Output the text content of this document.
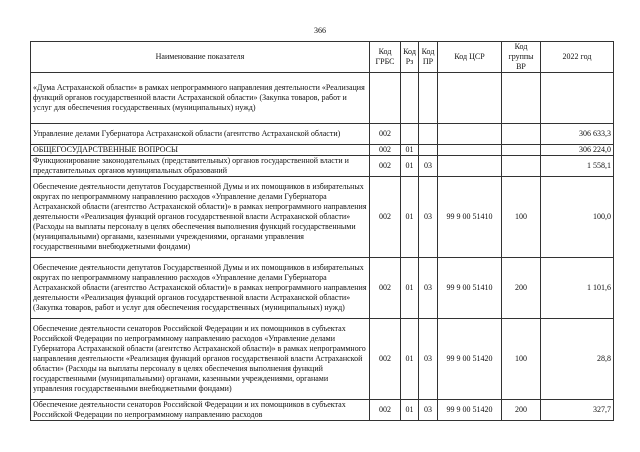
366
Наименование показателя	Код ГРБС	Код Рз	Код ПР	Код ЦСР	Код группы ВР	2022 год
«Дума Астраханской области» в рамках непрограммного направления деятельности «Реализация функций органов государственной власти Астраханской области» (Закупка товаров, работ и услуг для обеспечения государственных (муниципальных) нужд)						
Управление делами Губернатора Астраханской области (агентство Астраханской области)	002					306 633,3
ОБЩЕГОСУДАРСТВЕННЫЕ ВОПРОСЫ	002	01				306 224,0
Функционирование законодательных (представительных) органов государственной власти и представительных органов муниципальных образований	002	01	03			1 558,1
Обеспечение деятельности депутатов Государственной Думы и их помощников в избирательных округах по непрограммному направлению расходов «Управление делами Губернатора Астраханской области (агентство Астраханской области)» в рамках непрограммного направления деятельности «Реализация функций органов государственной власти Астраханской области» (Расходы на выплаты персоналу в целях обеспечения выполнения функций государственными (муниципальными) органами, казенными учреждениями, органами управления государственными внебюджетными фондами)	002	01	03	99 9 00 51410	100	100,0
Обеспечение деятельности депутатов Государственной Думы и их помощников в избирательных округах по непрограммному направлению расходов «Управление делами Губернатора Астраханской области (агентство Астраханской области)» в рамках непрограммного направления деятельности «Реализация функций органов государственной власти Астраханской области» (Закупка товаров, работ и услуг для обеспечения государственных (муниципальных) нужд)	002	01	03	99 9 00 51410	200	1 101,6
Обеспечение деятельности сенаторов Российской Федерации и их помощников в субъектах Российской Федерации по непрограммному направлению расходов «Управление делами Губернатора Астраханской области (агентство Астраханской области)» в рамках непрограммного направления деятельности «Реализация функций органов государственной власти Астраханской области» (Расходы на выплаты персоналу в целях обеспечения выполнения функций государственными (муниципальными) органами, казенными учреждениями, органами управления государственными внебюджетными фондами)	002	01	03	99 9 00 51420	100	28,8
Обеспечение деятельности сенаторов Российской Федерации и их помощников в субъектах Российской Федерации по непрограммному направлению расходов	002	01	03	99 9 00 51420	200	327,7
